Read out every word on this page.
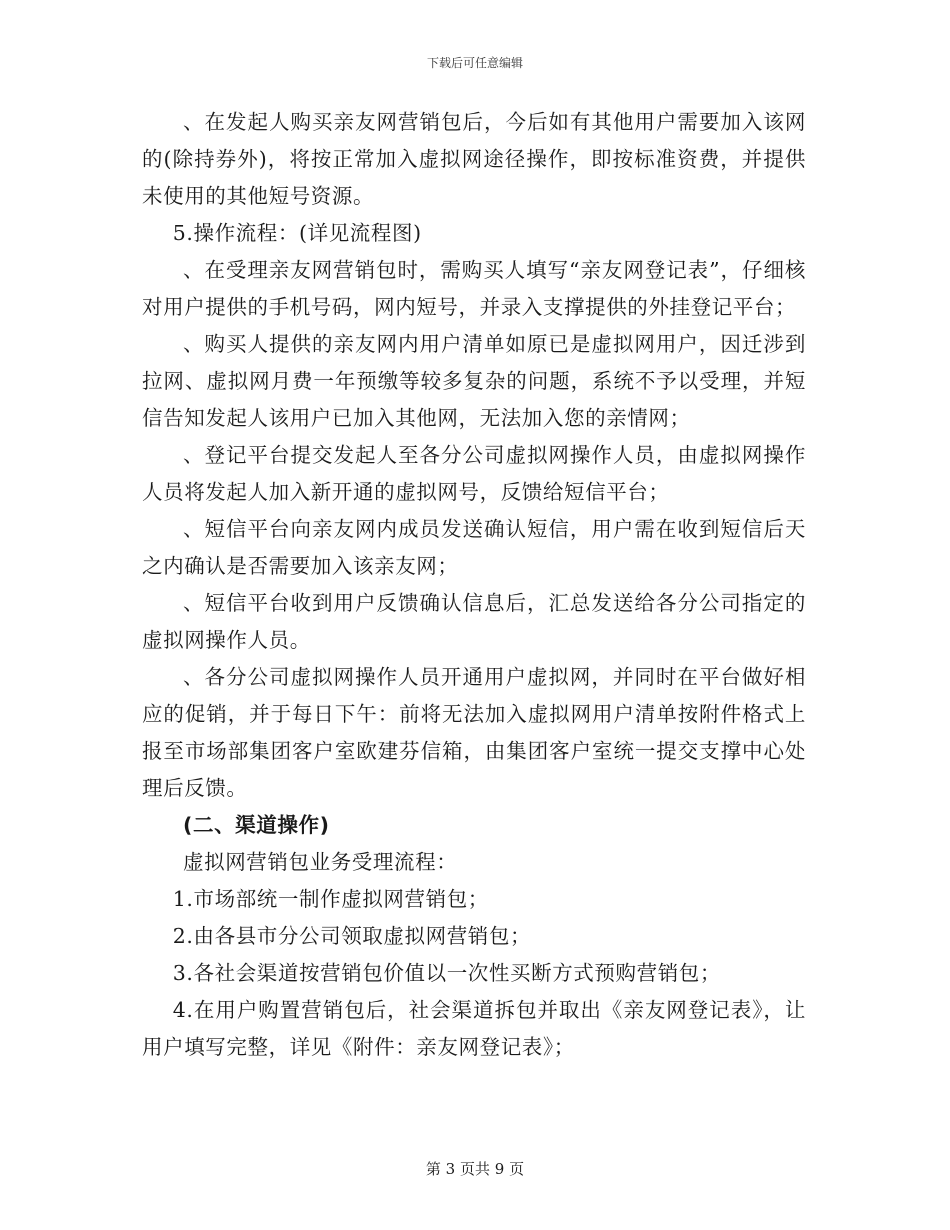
下载后可任意编辑

、在发起人购买亲友网营销包后，今后如有其他用户需要加入该网的(除持券外)，将按正常加入虚拟网途径操作，即按标准资费，并提供未使用的其他短号资源。

5.操作流程：(详见流程图)

、在受理亲友网营销包时，需购买人填写“亲友网登记表”，仔细核对用户提供的手机号码，网内短号，并录入支撑提供的外挂登记平台；

、购买人提供的亲友网内用户清单如原已是虚拟网用户，因迁涉到拉网、虚拟网月费一年预缴等较多复杂的问题，系统不予以受理，并短信告知发起人该用户已加入其他网，无法加入您的亲情网；

、登记平台提交发起人至各分公司虚拟网操作人员，由虚拟网操作人员将发起人加入新开通的虚拟网号，反馈给短信平台；

、短信平台向亲友网内成员发送确认短信，用户需在收到短信后天之内确认是否需要加入该亲友网；

、短信平台收到用户反馈确认信息后，汇总发送给各分公司指定的虚拟网操作人员。

、各分公司虚拟网操作人员开通用户虚拟网，并同时在平台做好相应的促销，并于每日下午：前将无法加入虚拟网用户清单按附件格式上报至市场部集团客户室欧建芬信箱，由集团客户室统一提交支撑中心处理后反馈。

(二、渠道操作)

虚拟网营销包业务受理流程：

1.市场部统一制作虚拟网营销包；

2.由各县市分公司领取虚拟网营销包；

3.各社会渠道按营销包价值以一次性买断方式预购营销包；

4.在用户购置营销包后，社会渠道拆包并取出《亲友网登记表》，让用户填写完整，详见《附件：亲友网登记表》；

第 3 页共 9 页
